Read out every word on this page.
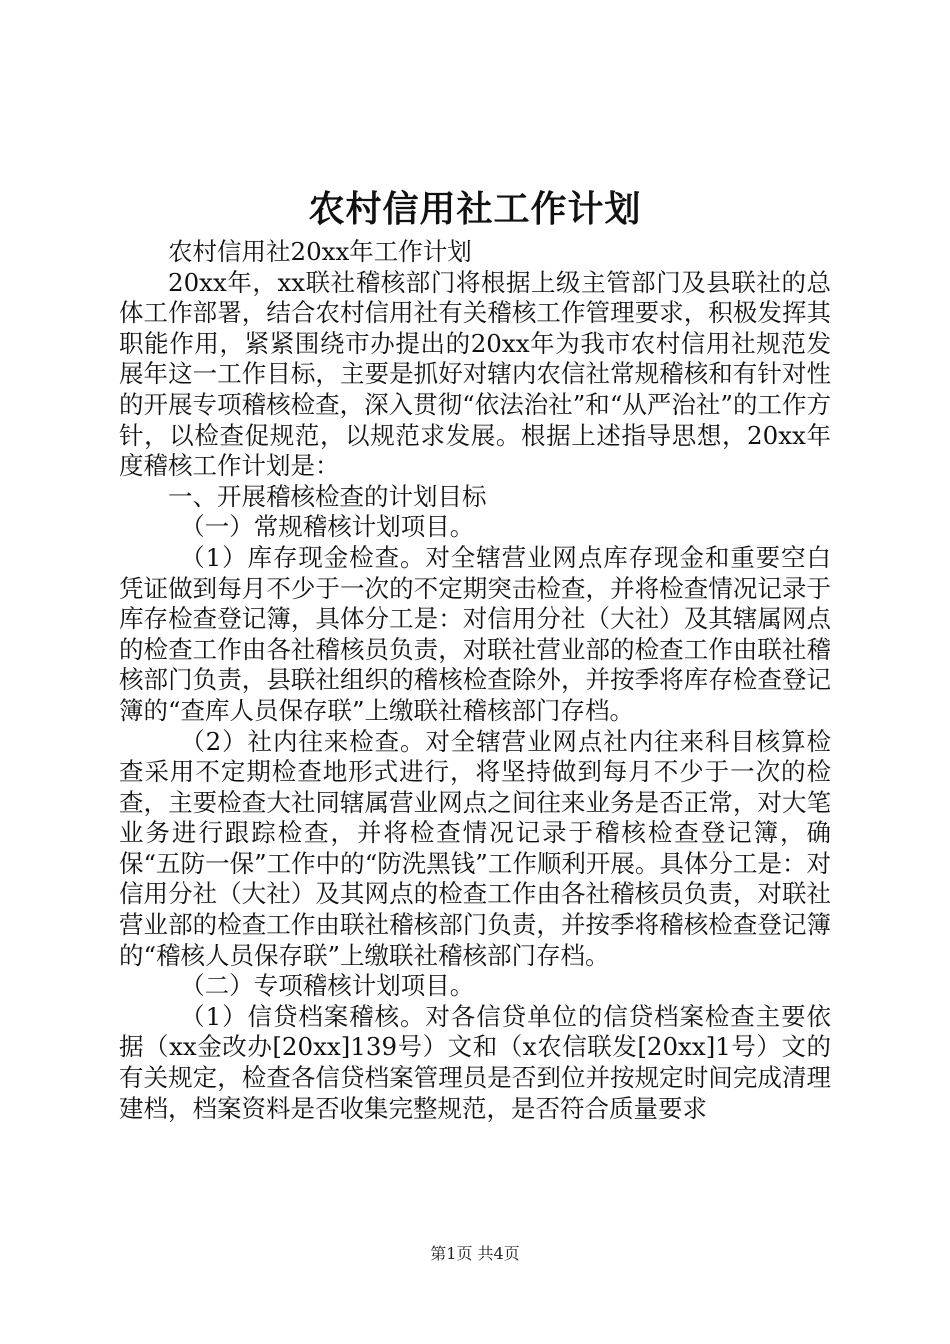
农村信用社工作计划

农村信用社20xx年工作计划

20xx年，xx联社稽核部门将根据上级主管部门及县联社的总体工作部署，结合农村信用社有关稽核工作管理要求，积极发挥其职能作用，紧紧围绕市办提出的20xx年为我市农村信用社规范发展年这一工作目标，主要是抓好对辖内农信社常规稽核和有针对性的开展专项稽核检查，深入贯彻“依法治社”和“从严治社”的工作方针，以检查促规范，以规范求发展。根据上述指导思想，20xx年度稽核工作计划是：

一、开展稽核检查的计划目标

（一）常规稽核计划项目。

（1）库存现金检查。对全辖营业网点库存现金和重要空白凭证做到每月不少于一次的不定期突击检查，并将检查情况记录于库存检查登记簿，具体分工是：对信用分社（大社）及其辖属网点的检查工作由各社稽核员负责，对联社营业部的检查工作由联社稽核部门负责，县联社组织的稽核检查除外，并按季将库存检查登记簿的“查库人员保存联”上缴联社稽核部门存档。

（2）社内往来检查。对全辖营业网点社内往来科目核算检查采用不定期检查地形式进行，将坚持做到每月不少于一次的检查，主要检查大社同辖属营业网点之间往来业务是否正常，对大笔业务进行跟踪检查，并将检查情况记录于稽核检查登记簿，确保“五防一保”工作中的“防洗黑钱”工作顺利开展。具体分工是：对信用分社（大社）及其网点的检查工作由各社稽核员负责，对联社营业部的检查工作由联社稽核部门负责，并按季将稽核检查登记簿的“稽核人员保存联”上缴联社稽核部门存档。

（二）专项稽核计划项目。

（1）信贷档案稽核。对各信贷单位的信贷档案检查主要依据（xx金改办[20xx]139号）文和（x农信联发[20xx]1号）文的有关规定，检查各信贷档案管理员是否到位并按规定时间完成清理建档，档案资料是否收集完整规范，是否符合质量要求

第1页 共4页
